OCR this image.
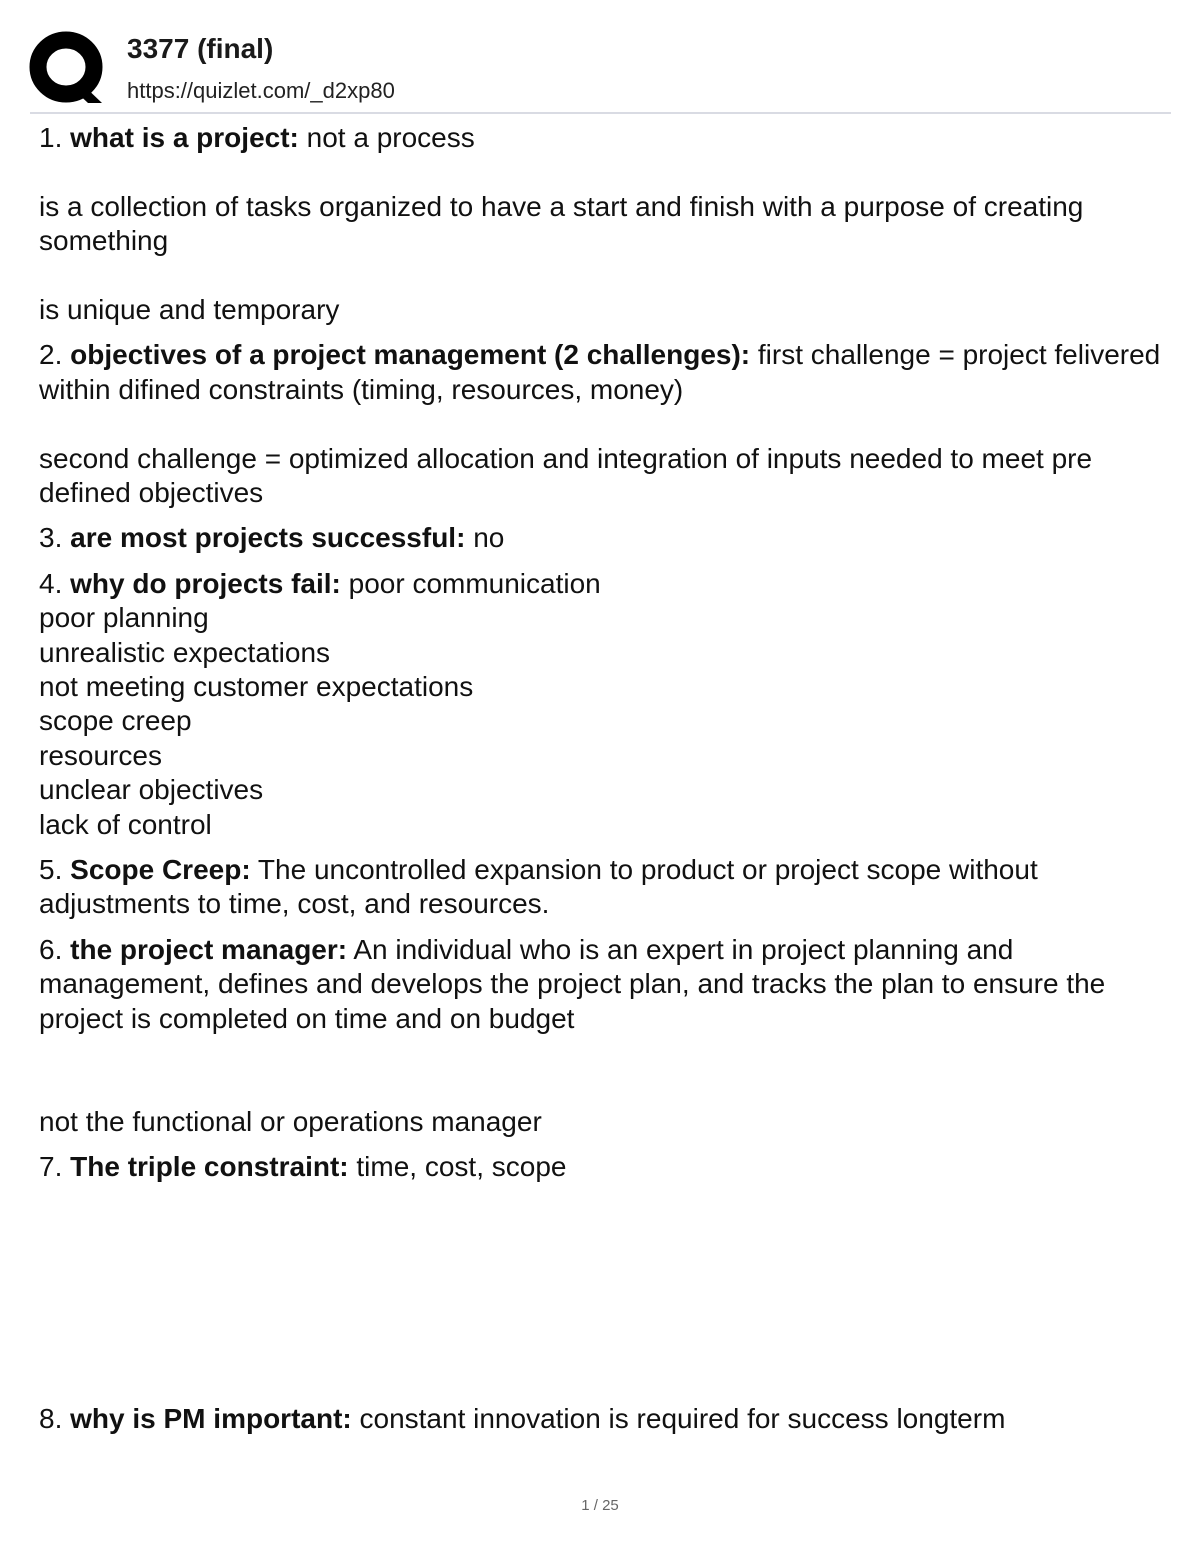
3377 (final)
https://quizlet.com/_d2xp80
1. what is a project: not a process
is a collection of tasks organized to have a start and finish with a purpose of creating something
is unique and temporary
2. objectives of a project management (2 challenges): first challenge = project felivered within difined constraints (timing, resources, money)
second challenge = optimized allocation and integration of inputs needed to meet pre defined objectives
3. are most projects successful: no
4. why do projects fail: poor communication
poor planning
unrealistic expectations
not meeting customer expectations
scope creep
resources
unclear objectives
lack of control
5. Scope Creep: The uncontrolled expansion to product or project scope without adjustments to time, cost, and resources.
6. the project manager: An individual who is an expert in project planning and management, defines and develops the project plan, and tracks the plan to ensure the project is completed on time and on budget
not the functional or operations manager
7. The triple constraint: time, cost, scope
8. why is PM important: constant innovation is required for success longterm
1 / 25
